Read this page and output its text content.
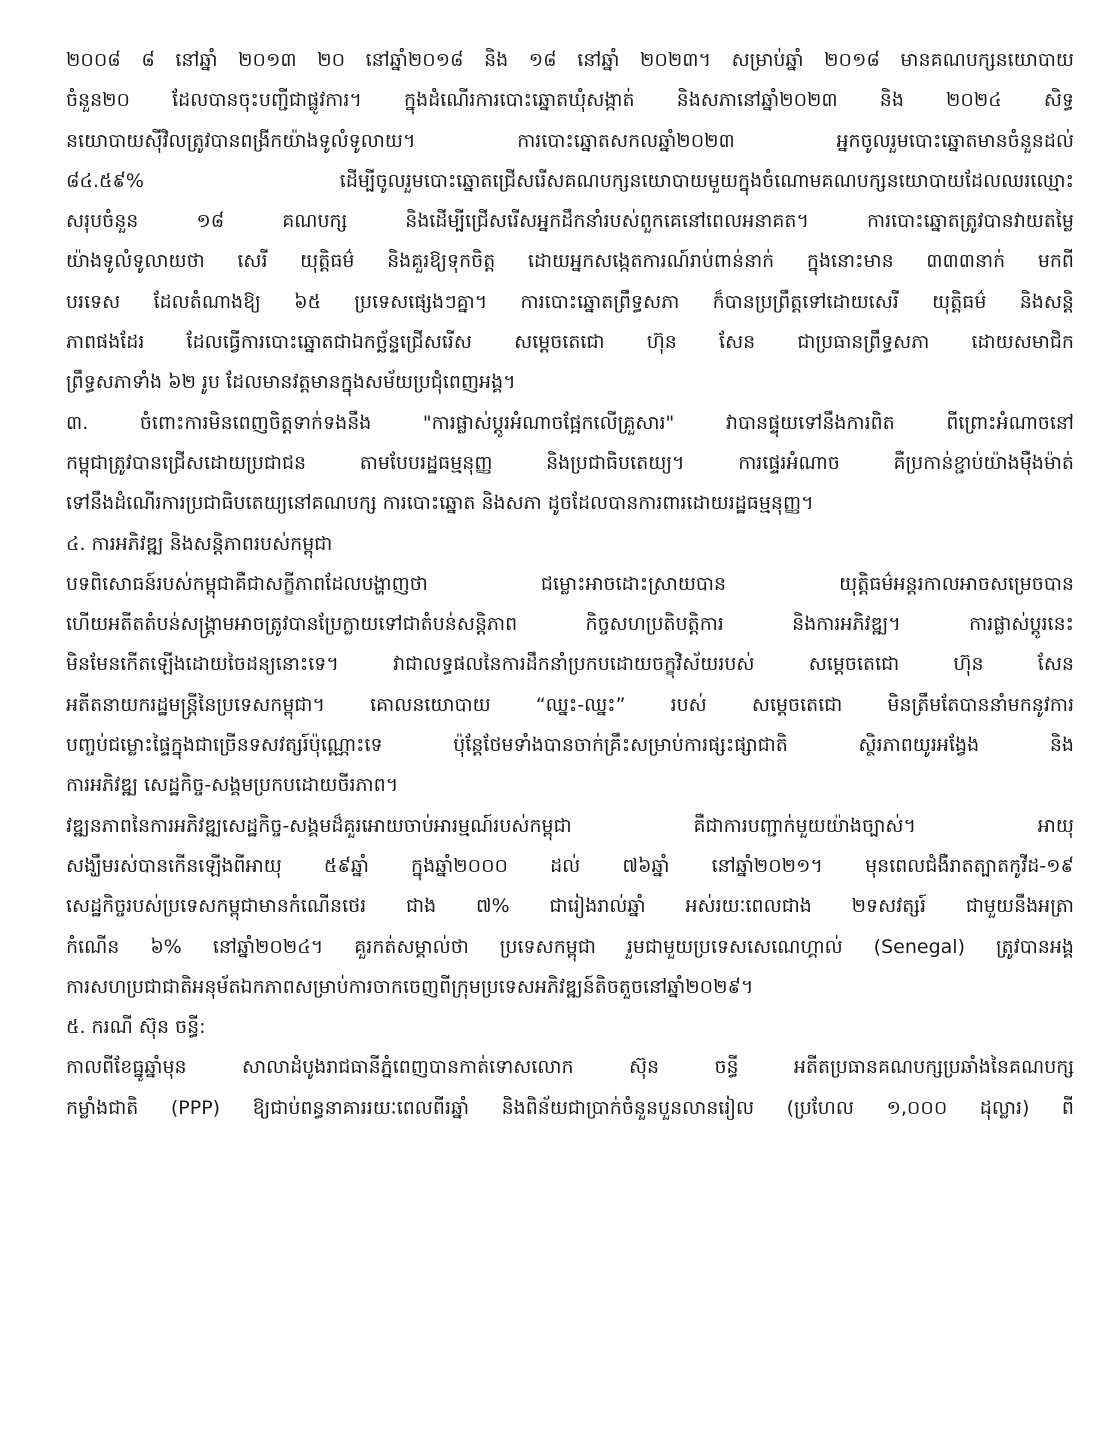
២០០៨ ៨ នៅឆ្នាំ ២០១៣ ២០ នៅឆ្នាំ២០១៨ និង ១៨ នៅឆ្នាំ ២០២៣។ សម្រាប់ឆ្នាំ ២០១៨ មានគណបក្សនយោបាយ
ចំនួន២០ ដែលបានចុះបញ្ជីជាផ្លូវការ។ ក្នុងដំណើរការបោះឆ្នោតឃុំសង្កាត់ និងសភានៅឆ្នាំ២០២៣ និង ២០២៤ សិទ្ធ
នយោបាយស៊ីវិលត្រូវបានពង្រីកយ៉ាងទូលំទូលាយ។ ការបោះឆ្នោតសកលឆ្នាំ២០២៣ អ្នកចូលរួមបោះឆ្នោតមានចំនួនដល់
៨៤.៥៩% ដើម្បីចូលរួមបោះឆ្នោតជ្រើសរើសគណបក្សនយោបាយមួយក្នុងចំណោមគណបក្សនយោបាយដែលឈរឈ្មោះ
សរុបចំនួន ១៨ គណបក្ស និងដើម្បីជ្រើសរើសអ្នកដឹកនាំរបស់ពួកគេនៅពេលអនាគត។ ការបោះឆ្នោតត្រូវបានវាយតម្លៃ
យ៉ាងទូលំទូលាយថា សេរី យុត្តិធម៌ និងគួរឱ្យទុកចិត្ត ដោយអ្នកសង្កេតការណ៍រាប់ពាន់នាក់ ក្នុងនោះមាន ៣៣៣នាក់ មកពី
បរទេស ដែលតំណាងឱ្យ ៦៥ ប្រទេសផ្សេងៗគ្នា។ ការបោះឆ្នោតព្រឹទ្ធសភា ក៏បានប្រព្រឹត្តទៅដោយសេរី យុត្តិធម៌ និងសន្តិ
ភាពផងដែរ ដែលធ្វើការបោះឆ្នោតជាឯកច្ឆ័ន្ទជ្រើសរើស សម្តេចតេជោ ហ៊ុន សែន ជាប្រធានព្រឹទ្ធសភា ដោយសមាជិក
ព្រឹទ្ធសភាទាំង ៦២ រូប ដែលមានវត្តមានក្នុងសម័យប្រជុំពេញអង្គ។
៣. ចំពោះការមិនពេញចិត្តទាក់ទងនឹង "ការផ្លាស់ប្តូរអំណាចផ្អែកលើគ្រួសារ" វាបានផ្ទុយទៅនឹងការពិត ពីព្រោះអំណាចនៅ
កម្ពុជាត្រូវបានជ្រើសដោយប្រជាជន តាមបែបរដ្ឋធម្មនុញ្ញ និងប្រជាធិបតេយ្យ។ ការផ្ទេរអំណាច គឺប្រកាន់ខ្ជាប់យ៉ាងម៉ឺងម៉ាត់
ទៅនឹងដំណើរការប្រជាធិបតេយ្យនៅគណបក្ស ការបោះឆ្នោត និងសភា ដូចដែលបានការពារដោយរដ្ឋធម្មនុញ្ញ។
៤. ការអភិវឌ្ឍ និងសន្តិភាពរបស់កម្ពុជា
បទពិសោធន៍របស់កម្ពុជាគឺជាសក្ខីភាពដែលបង្ហាញថា ជម្លោះអាចដោះស្រាយបាន យុត្តិធម៌អន្តរកាលអាចសម្រេចបាន
ហើយអតីតតំបន់សង្គ្រាមអាចត្រូវបានប្រែក្លាយទៅជាតំបន់សន្តិភាព កិច្ចសហប្រតិបត្តិការ និងការអភិវឌ្ឍ។ ការផ្លាស់ប្តូរនេះ
មិនមែនកើតឡើងដោយចៃដន្យនោះទេ។ វាជាលទ្ធផលនៃការដឹកនាំប្រកបដោយចក្ខុវិស័យរបស់ សម្តេចតេជោ ហ៊ុន សែន
អតីតនាយករដ្ឋមន្ត្រីនៃប្រទេសកម្ពុជា។ គោលនយោបាយ “ឈ្នះ-ឈ្នះ” របស់ សម្តេចតេជោ មិនត្រឹមតែបាននាំមកនូវការ
បញ្ចប់ជម្លោះផ្ទៃក្នុងជាច្រើនទសវត្សរ៍ប៉ុណ្ណោះទេ ប៉ុន្តែថែមទាំងបានចាក់គ្រឹះសម្រាប់ការផ្សះផ្សាជាតិ ស្ថិរភាពយូរអង្វែង និង
ការអភិវឌ្ឍ សេដ្ឋកិច្ច-សង្គមប្រកបដោយចីរភាព។
វឌ្ឍនភាពនៃការអភិវឌ្ឍសេដ្ឋកិច្ច-សង្គមដ៏គួរអោយចាប់អារម្មណ៍របស់កម្ពុជា គឺជាការបញ្ជាក់មួយយ៉ាងច្បាស់។ អាយុ
សង្ឃឹមរស់បានកើនឡើងពីអាយុ ៥៩ឆ្នាំ ក្នុងឆ្នាំ២០០០ ដល់ ៧៦ឆ្នាំ នៅឆ្នាំ២០២១។ មុនពេលជំងឺរាតត្បាតកូវីដ-១៩
សេដ្ឋកិច្ចរបស់ប្រទេសកម្ពុជាមានកំណើនថេរ ជាង ៧% ជារៀងរាល់ឆ្នាំ អស់រយៈពេលជាង ២ទសវត្សរ៍ ជាមួយនឹងអត្រា
កំណើន ៦% នៅឆ្នាំ២០២៤។ គួរកត់សម្គាល់ថា ប្រទេសកម្ពុជា រួមជាមួយប្រទេសសេណេហ្គាល់ (Senegal) ត្រូវបានអង្គ
ការសហប្រជាជាតិអនុម័តឯកភាពសម្រាប់ការចាកចេញពីក្រុមប្រទេសអភិវឌ្ឍន៍តិចតួចនៅឆ្នាំ២០២៩។
៥. ករណី ស៊ុន ចន្ធី:
កាលពីខែធ្នូឆ្នាំមុន សាលាដំបូងរាជធានីភ្នំពេញបានកាត់ទោសលោក ស៊ុន ចន្ធី អតីតប្រធានគណបក្សប្រឆាំងនៃគណបក្ស
កម្លាំងជាតិ (PPP) ឱ្យជាប់ពន្ធនាគាររយៈពេលពីរឆ្នាំ និងពិន័យជាប្រាក់ចំនួនបួនលានរៀល (ប្រហែល ១,០០០ ដុល្លារ) ពី
